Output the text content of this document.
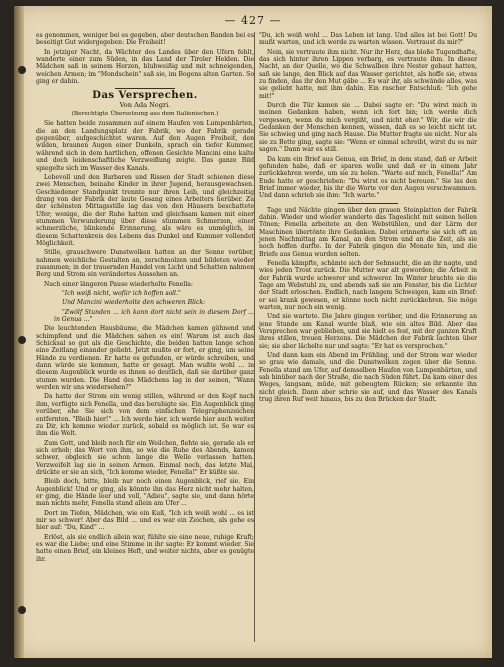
— 427 —

es genommen, weniger bei es gegeben, aber deutschen Banden bei es beseitigt Gut widergegeben: Die Freiheit!

In jetziger Nacht, da Wächter des Landes über den Ufern fehlt, wanderte einer zum Süden, in das Land der Tiroler Helden. Die Mädchen saß in seinem Herzen, bluhweißig und mit schneigenden, weichen Armen; im "Mondschein" saß sie, im Bogens alten Garten. So ging er dahin.

Das Versprechen.

Von Ada Negri.

(Berechtigte Übersetzung aus dem Italienischen.)

Sie hatten beide zusammen auf einem Haufen von Lumpenbärten, die an den Landungsplatz der Fabrik, wo der Fabrik gerade gegenüber, aufgeschichtet waren. Auf den Augen Freiheit, den wilden, braunen Augen einer Dunkeln, sprach ein tiefer Kummer, während sich in dem hartlichen, offenen Gesichte Mancini eine kalte und doch leidenschaftliche Verzweiflung zeigte. Das ganze Bild spiegelte sich im Wasser des Kanals.

Lebevoll und den Barbaren und Rissen der Stadt schienen diese zwei Menschen, beinahe Kinder in ihrer Jugend, herausgewachsen. Geschiedener Standpunkt trennte nur ihren Leib, und gleichzeitig drang von der Fabrik der laute Gesang eines Arbeiters herüber. Zu der schönsten Mittagsstille lag das von den Häusern beschattete Ufer; wenige, die der Ruhe hatten und gleichsam kamen mit einer stummen Verwunderung über diese stummen Schmerzen, einer schmerzliche, blinkende Erinnerung, als wäre es unmöglich, in diesem Schattenkreis des Lebens das Dunkel und Kummer vollendet Möglichkeit.

Stille, grauschwere Dunstwolken hatten an der Sonne vorüber, nahmen weichliche Gestalten an, zerschmolzen und bildeten wieder zusammen; in der trauernden Handel von Licht und Schatten nahmen Berg und Strom ein verändertes Aussehen an.

Nach einer längeren Pause wiederholte Fenella:

"Ich weiß nicht, wofür ich hoffen soll."

Und Mancini wiederholte den schweren Blick:

"Zwölf Stunden ... ich kann dort nicht sein in diesem Dorf ... in Genua ..."

Die leuchtenden Hausbäume, die Mädchen kamen gähnend und schimpfend und die Mädchen sahen es ein! Warum ist auch das Schicksal so gut als die Geschichte, die beiden hatten lange schon eine Zeitlang einander geliebt. Jetzt mußte er fort, er ging, um seine Hände zu verdienen. Er hatte es gefunden, er würde schreiben, und dann würde sie kommen, hatte er gesagt. Man wußte wohl ... in diesem Augenblick wurde es ihnen so deutlich, daß sie darüber ganz stumm wurden. Die Hand des Mädchens lag in der seinen, "Wann werden wir uns wiedersehen?"

Da hatte der Strom ein wenig stillen, während er den Kopf nach ihm, verfügte sich Fenella, und das beruhigte sie. Ein Augenblick ging vorüber, ehe Sie sich von dem einfachen Telegraphenzeichen entfernten. "Bleib hier!" ... Ich werde hier, ich werde hier auch weiter zu Dir, ich komme wieder zurück, sobald es möglich ist. So war es ihm die Welt.

Zum Gott, und bleib noch für ein Weilchen, flehte sie, gerade als er sich erhob; das Wort von ihm, so wie die Ruhe des Abends, kamen schwer, obgleich sie schon lange die Welle verlassen hatten. Verzweifelt lag sie in seinen Armen. Einmal noch, das letzte Mal, drückte er sie an sich, "Ich komme wieder, Fenella!" Er küßte sie.

Bleib doch, bitte, bleib nur noch einen Augenblick, rief sie. Ein Augenblick! Und er ging, als könnte ihn das Herz nicht mehr halten, er ging, die Hände leer und voll, "Adieu", sagte sie, und dann hörte man nichts mehr, Fenella stand allein am Ufer ...

Dort im Tiefen, Mädchen, wie ein Kuß, "Ich ich weiß wohl ... es ist mir so schwer! Aber das Bild ... und es war ein Zeichen, als gehe es hier auf: "Du, Kind" ...

Erlöst, als sie endlich allein war, fühlte sie eine neue, ruhige Kraft; es war die Liebe; und eine Stimme in ihr sagte: Er kommt wieder. Sie hatte einen Brief, ein kleines Heft, und weiter nichts, aber es genügte ihr.

"Du, ich weiß wohl ... Das Leben ist lang. Und alles ist bei Gott! Du mußt warten, und ich werde zu warten wissen. Vertraust du mir?"

Nein, sie vertraute ihm nicht. Nur ihr Herz, das bloße Tugendhafte, das sich hinter ihren Lippen verbarg, es vertraute ihm. In dieser Nacht, an der Quelle, wo die Schwalben ihre Nester gebaut hatten, saß sie lange, den Blick auf das Wasser gerichtet, als hoffe sie, etwas zu finden, das ihr den Mut gäbe ... Es war ihr, als schwände alles, was sie geliebt hatte, mit ihm dahin. Ein rascher Entschluß: "Ich gehe mit!"

Durch die Tür kamen sie ... Dabei sagte er: "Du wirst mich in meinen Gedanken haben, wenn ich fort bin; ich werde dich vergessen, wenn du mich vergißt, und nicht eher." Wir, die wir die Gedanken der Menschen kennen, wissen, daß es so leicht nicht ist. Sie schwieg und ging nach Hause. Die Mutter fragte sie nicht. Nur als sie zu Bette ging, sagte sie: "Wenn er einmal schreibt, wirst du es mir sagen." Dann war es still.

Da kam ein Brief aus Genua, ein Brief, in dem stand, daß er Arbeit gefunden habe, daß er sparen wolle und daß er in einem Jahr zurückkehren werde, um sie zu holen. "Warte auf mich, Fenella!" Am Ende hatte er geschrieben: "Du wirst es nicht bereuen." Sie las den Brief immer wieder, bis ihr die Worte vor den Augen verschwammen. Und dann schrieb sie ihm: "Ich warte."

Tage und Nächte gingen über den grauen Steinplatten der Fabrik dahin. Wieder und wieder wanderte das Tageslicht mit seinen hellen Tönen; Fenella arbeitete an den Webstühlen, und der Lärm der Maschinen übertönte ihre Gedanken. Dabei erinnerte sie sich oft an jenen Nachmittag am Kanal, an den Strom und an die Zeit, als sie noch hoffen durfte. In der Fabrik gingen die Monate hin, und die Briefe aus Genua wurden selten.

Fenella kämpfte, schämte sich der Sehnsucht, die an ihr nagte, und wies jeden Trost zurück. Die Mutter war alt geworden; die Arbeit in der Fabrik wurde schwerer und schwerer. Im Winter brachte sie die Tage am Webstuhl zu, und abends saß sie am Fenster, bis die Lichter der Stadt erloschen. Endlich, nach langem Schweigen, kam ein Brief: er sei krank gewesen, er könne noch nicht zurückkehren. Sie möge warten, nur noch ein wenig.

Und sie wartete. Die Jahre gingen vorüber, und die Erinnerung an jene Stunde am Kanal wurde blaß, wie ein altes Bild. Aber das Versprechen war geblieben, und sie hielt es fest, mit der ganzen Kraft ihres stillen, treuen Herzens. Die Mädchen der Fabrik lachten über sie; sie aber lächelte nur und sagte: "Er hat es versprochen."

Und dann kam ein Abend im Frühling, und der Strom war wieder so grau wie damals, und die Dunstwolken zogen über die Sonne. Fenella stand am Ufer, auf demselben Haufen von Lumpenbärten, und sah hinüber nach der Straße, die nach Süden führt. Da kam einer des Weges, langsam, müde, mit gebeugtem Rücken; sie erkannte ihn nicht gleich. Dann aber schrie sie auf, und das Wasser des Kanals trug ihren Ruf weit hinaus, bis zu den Brücken der Stadt.
